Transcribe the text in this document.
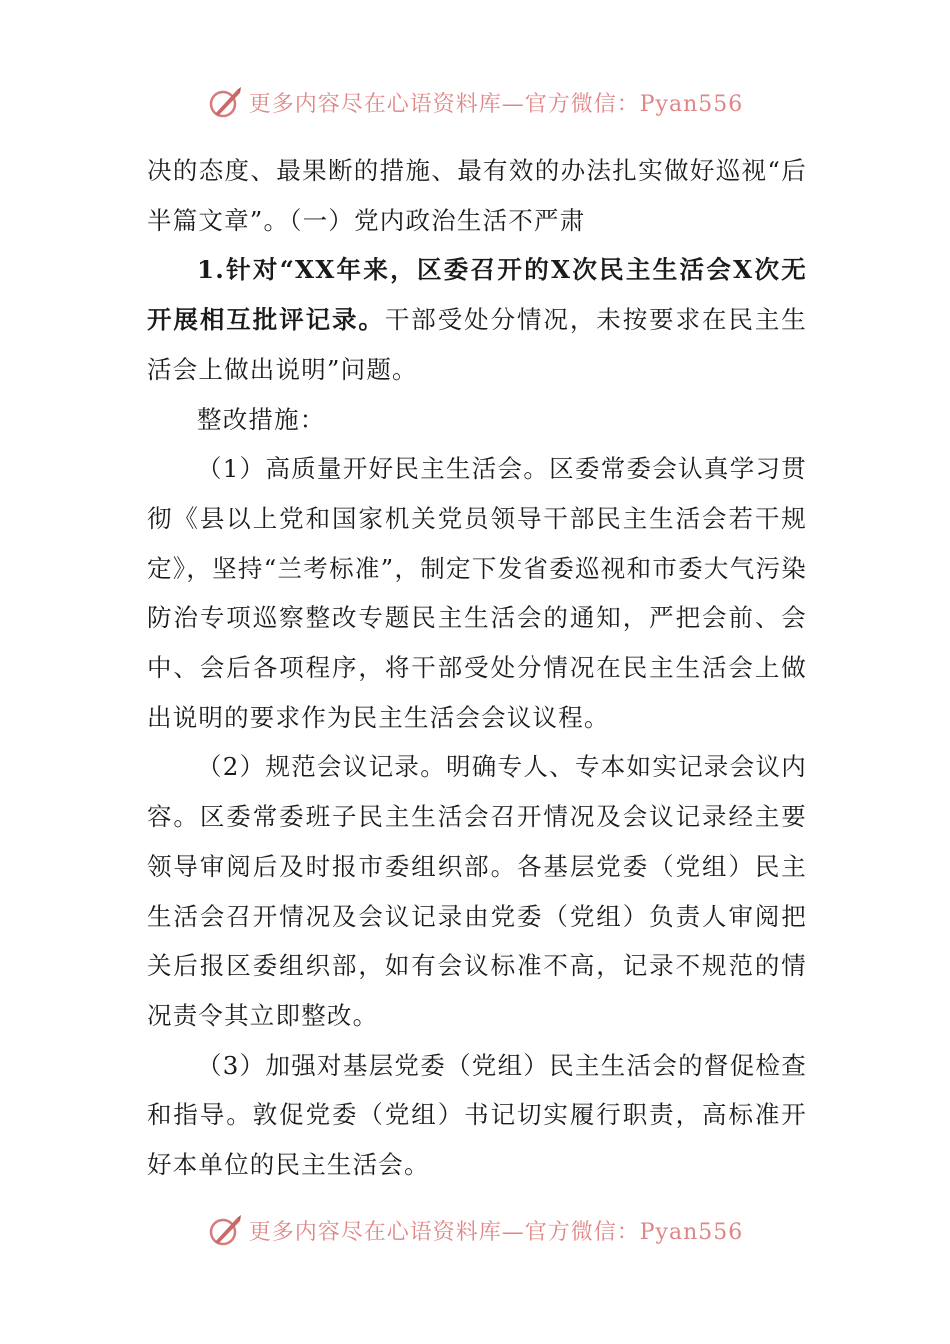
更多内容尽在心语资料库—官方微信：Pyan556

决的态度、最果断的措施、最有效的办法扎实做好巡视“后半篇文章”。（一）党内政治生活不严肃

1.针对“XX年来，区委召开的X次民主生活会X次无开展相互批评记录。干部受处分情况，未按要求在民主生活会上做出说明”问题。

整改措施：

（1）高质量开好民主生活会。区委常委会认真学习贯彻《县以上党和国家机关党员领导干部民主生活会若干规定》，坚持“兰考标准”，制定下发省委巡视和市委大气污染防治专项巡察整改专题民主生活会的通知，严把会前、会中、会后各项程序，将干部受处分情况在民主生活会上做出说明的要求作为民主生活会会议议程。

（2）规范会议记录。明确专人、专本如实记录会议内容。区委常委班子民主生活会召开情况及会议记录经主要领导审阅后及时报市委组织部。各基层党委（党组）民主生活会召开情况及会议记录由党委（党组）负责人审阅把关后报区委组织部，如有会议标准不高，记录不规范的情况责令其立即整改。

（3）加强对基层党委（党组）民主生活会的督促检查和指导。敦促党委（党组）书记切实履行职责，高标准开好本单位的民主生活会。

更多内容尽在心语资料库—官方微信：Pyan556
